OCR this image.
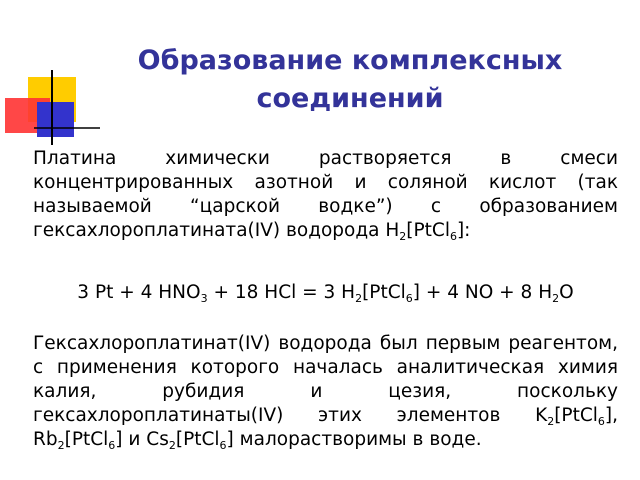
Образование комплексных
соединений
Платина химически растворяется в смеси концентрированных азотной и соляной кислот (так называемой “царской водке”) с образованием гексахлороплатината(IV) водорода $H_2[PtCl_6]$:
3 Pt + 4 $HNO_3 + 18$ HCl = 3 $H_2[PtCl_6] + 4$ NO + 8 $H_2O$
Гексахлороплатинат(IV) водорода был первым реагентом, с применения которого началась аналитическая химия калия, рубидия и цезия, поскольку гексахлороплатинаты(IV) этих элементов $K_2[PtCl_6]$, $Rb_2[PtCl_6]$ и $Cs_2[PtCl_6]$ малорастворимы в воде.
